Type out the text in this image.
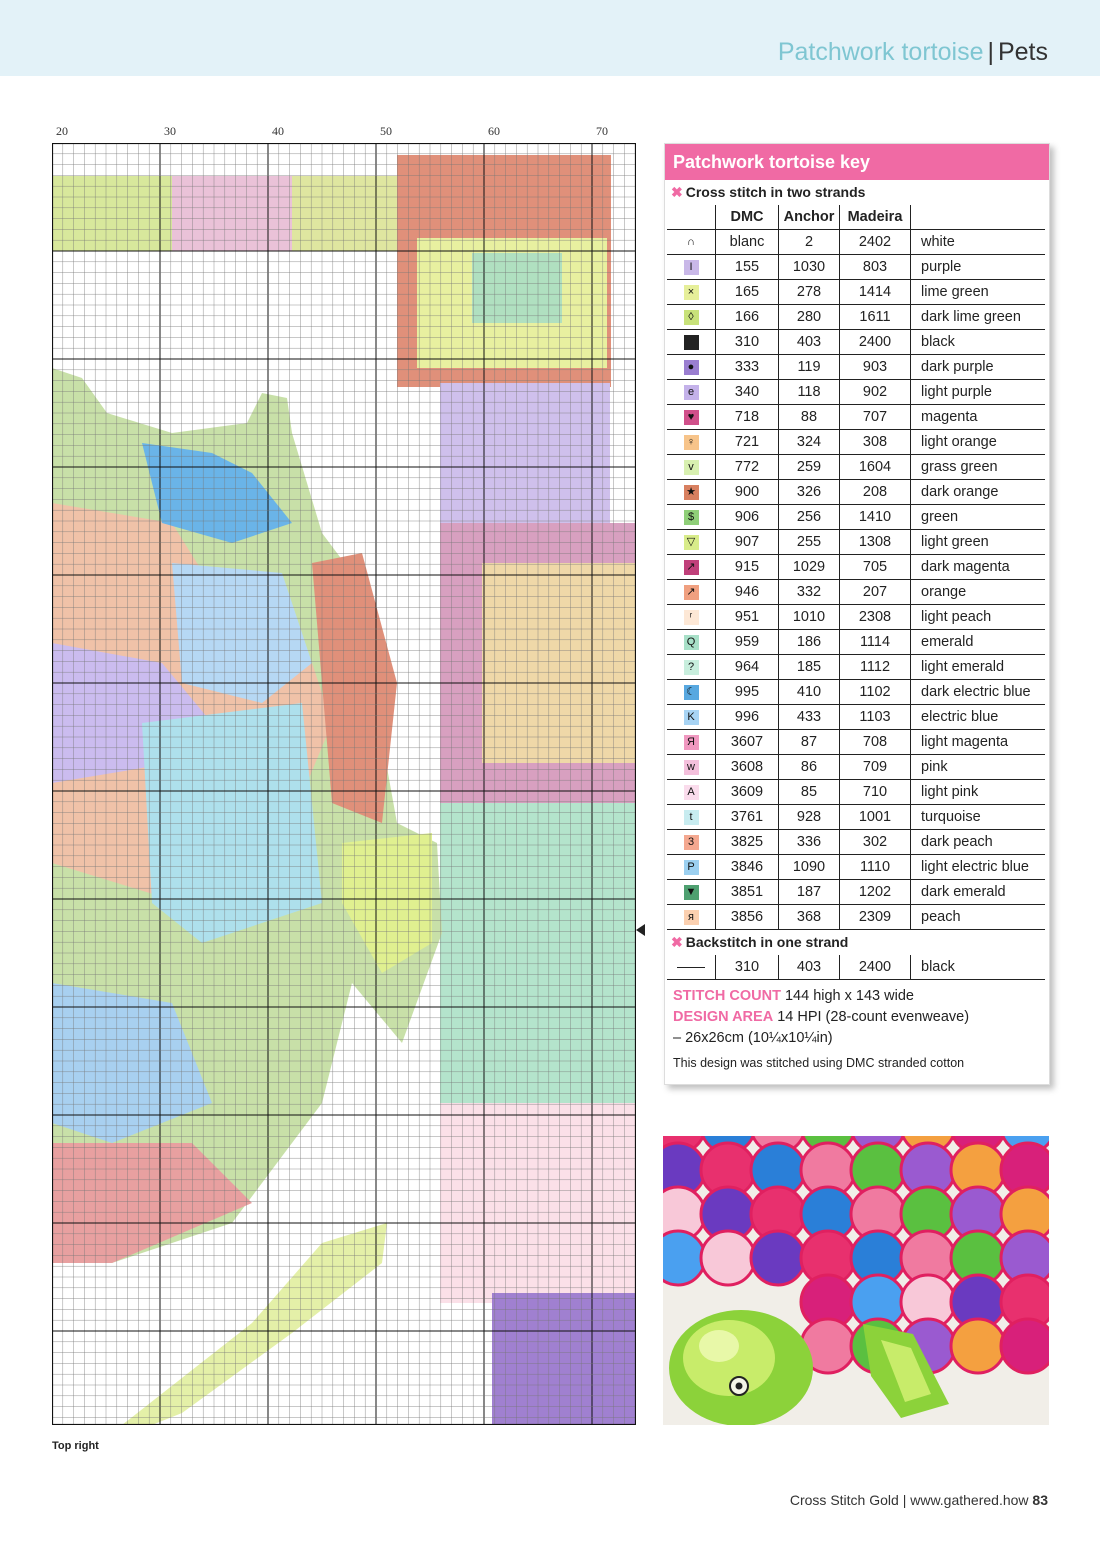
Patchwork tortoise | Pets
20	30	40	50	60	70
Top right
Patchwork tortoise key
✖ Cross stitch in two strands
	DMC	Anchor	Madeira	
∩	blanc	2	2402	white
I	155	1030	803	purple
×	165	278	1414	lime green
◊	166	280	1611	dark lime green
■	310	403	2400	black
●	333	119	903	dark purple
e	340	118	902	light purple
♥	718	88	707	magenta
♀	721	324	308	light orange
v	772	259	1604	grass green
★	900	326	208	dark orange
$	906	256	1410	green
▽	907	255	1308	light green
↗	915	1029	705	dark magenta
↗	946	332	207	orange
ʳ	951	1010	2308	light peach
Q	959	186	1114	emerald
?	964	185	1112	light emerald
☾	995	410	1102	dark electric blue
K	996	433	1103	electric blue
Я	3607	87	708	light magenta
w	3608	86	709	pink
A	3609	85	710	light pink
t	3761	928	1001	turquoise
3	3825	336	302	dark peach
P	3846	1090	1110	light electric blue
▼	3851	187	1202	dark emerald
я	3856	368	2309	peach
✖ Backstitch in one strand
	310	403	2400	black
STITCH COUNT 144 high x 143 wide
DESIGN AREA 14 HPI (28-count evenweave)
– 26x26cm (10¼x10¼in)
This design was stitched using DMC stranded cotton
Cross Stitch Gold | www.gathered.how 83
